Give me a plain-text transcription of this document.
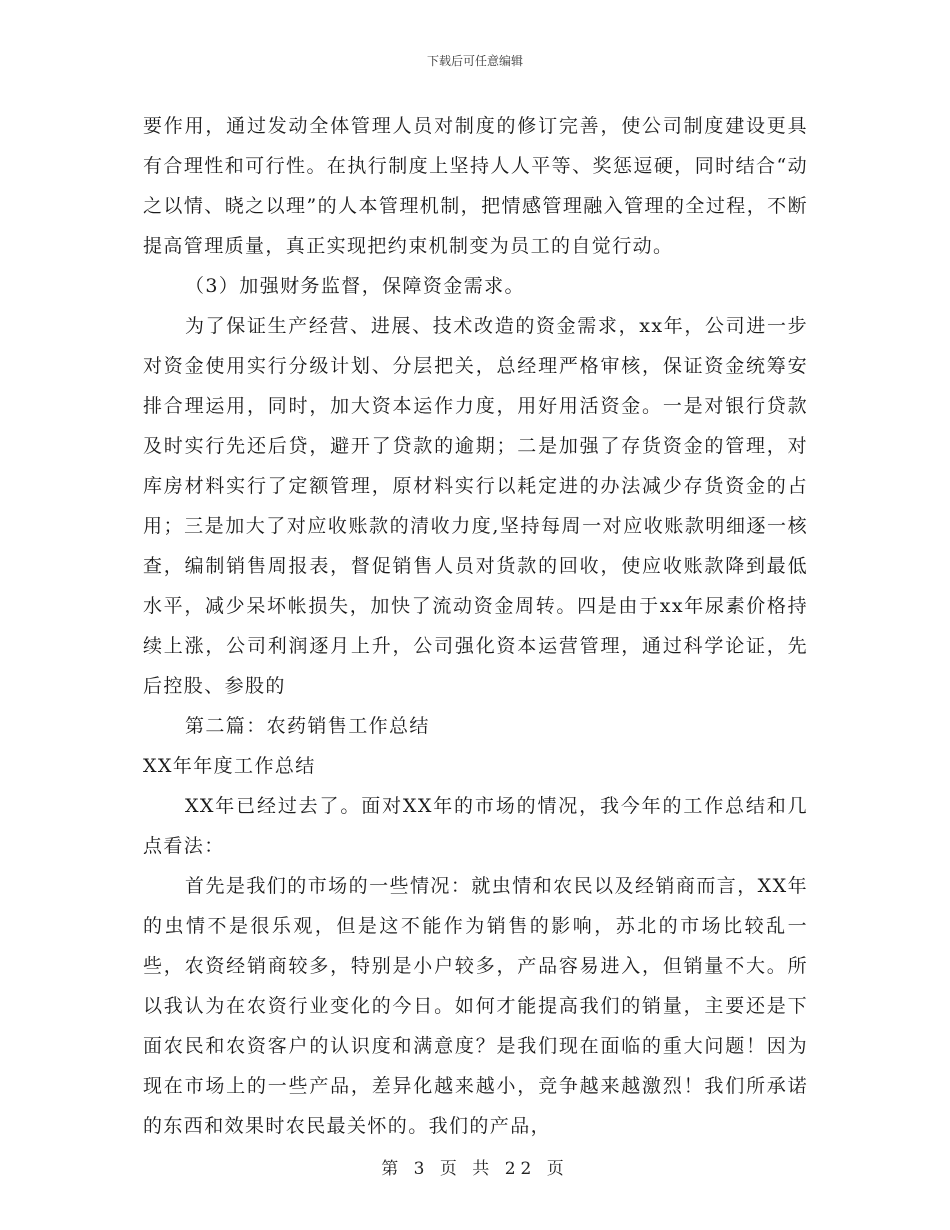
下载后可任意编辑

要作用，通过发动全体管理人员对制度的修订完善，使公司制度建设更具有合理性和可行性。在执行制度上坚持人人平等、奖惩逗硬，同时结合“动之以情、晓之以理”的人本管理机制，把情感管理融入管理的全过程，不断提高管理质量，真正实现把约束机制变为员工的自觉行动。

（3）加强财务监督，保障资金需求。

为了保证生产经营、进展、技术改造的资金需求，xx年，公司进一步对资金使用实行分级计划、分层把关，总经理严格审核，保证资金统筹安排合理运用，同时，加大资本运作力度，用好用活资金。一是对银行贷款及时实行先还后贷，避开了贷款的逾期；二是加强了存货资金的管理，对库房材料实行了定额管理，原材料实行以耗定进的办法减少存货资金的占用；三是加大了对应收账款的清收力度,坚持每周一对应收账款明细逐一核查，编制销售周报表，督促销售人员对货款的回收，使应收账款降到最低水平，减少呆坏帐损失，加快了流动资金周转。四是由于xx年尿素价格持续上涨，公司利润逐月上升，公司强化资本运营管理，通过科学论证，先后控股、参股的

第二篇：农药销售工作总结

XX年年度工作总结

XX年已经过去了。面对XX年的市场的情况，我今年的工作总结和几点看法：

首先是我们的市场的一些情况：就虫情和农民以及经销商而言，XX年的虫情不是很乐观，但是这不能作为销售的影响，苏北的市场比较乱一些，农资经销商较多，特别是小户较多，产品容易进入，但销量不大。所以我认为在农资行业变化的今日。如何才能提高我们的销量，主要还是下面农民和农资客户的认识度和满意度？是我们现在面临的重大问题！因为现在市场上的一些产品，差异化越来越小，竞争越来越激烈！我们所承诺的东西和效果时农民最关怀的。我们的产品，

第 3 页 共 22 页
